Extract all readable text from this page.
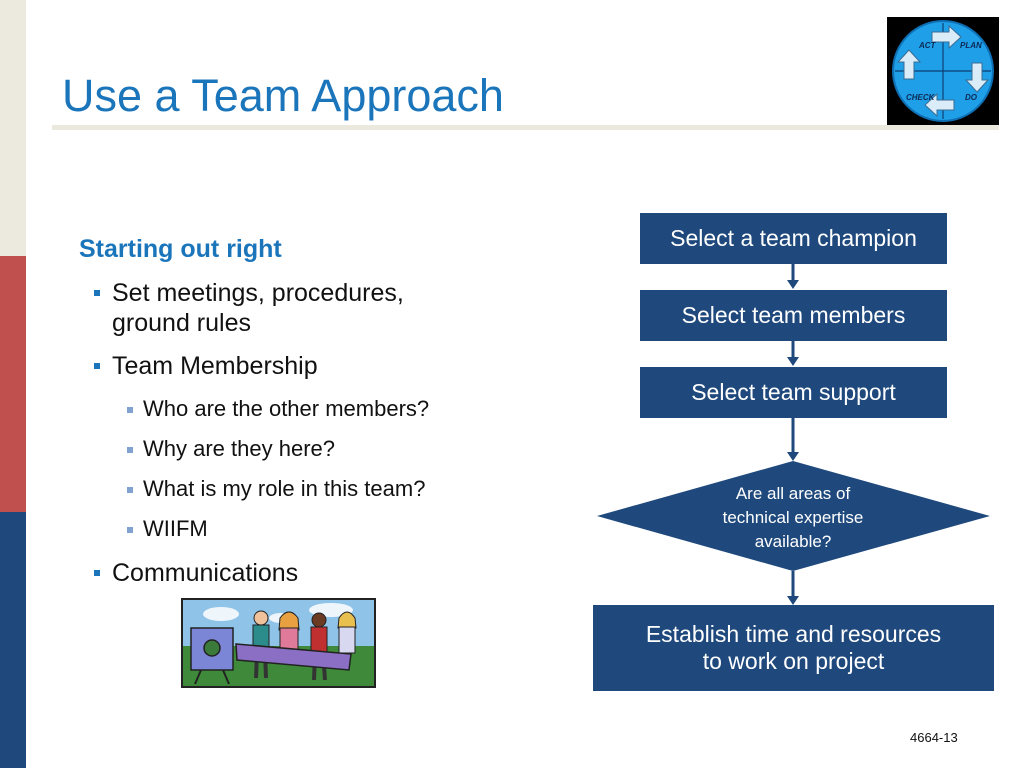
Use a Team Approach
ACT	PLAN
CHECK	DO
Starting out right
Set meetings, procedures,
ground rules
Team Membership
Who are the other members?
Why are they here?
What is my role in this team?
WIIFM
Communications
Select a team champion
Select team members
Select team support
Are all areas of
technical expertise
available?
Establish time and resources
to work on project
4664-13
